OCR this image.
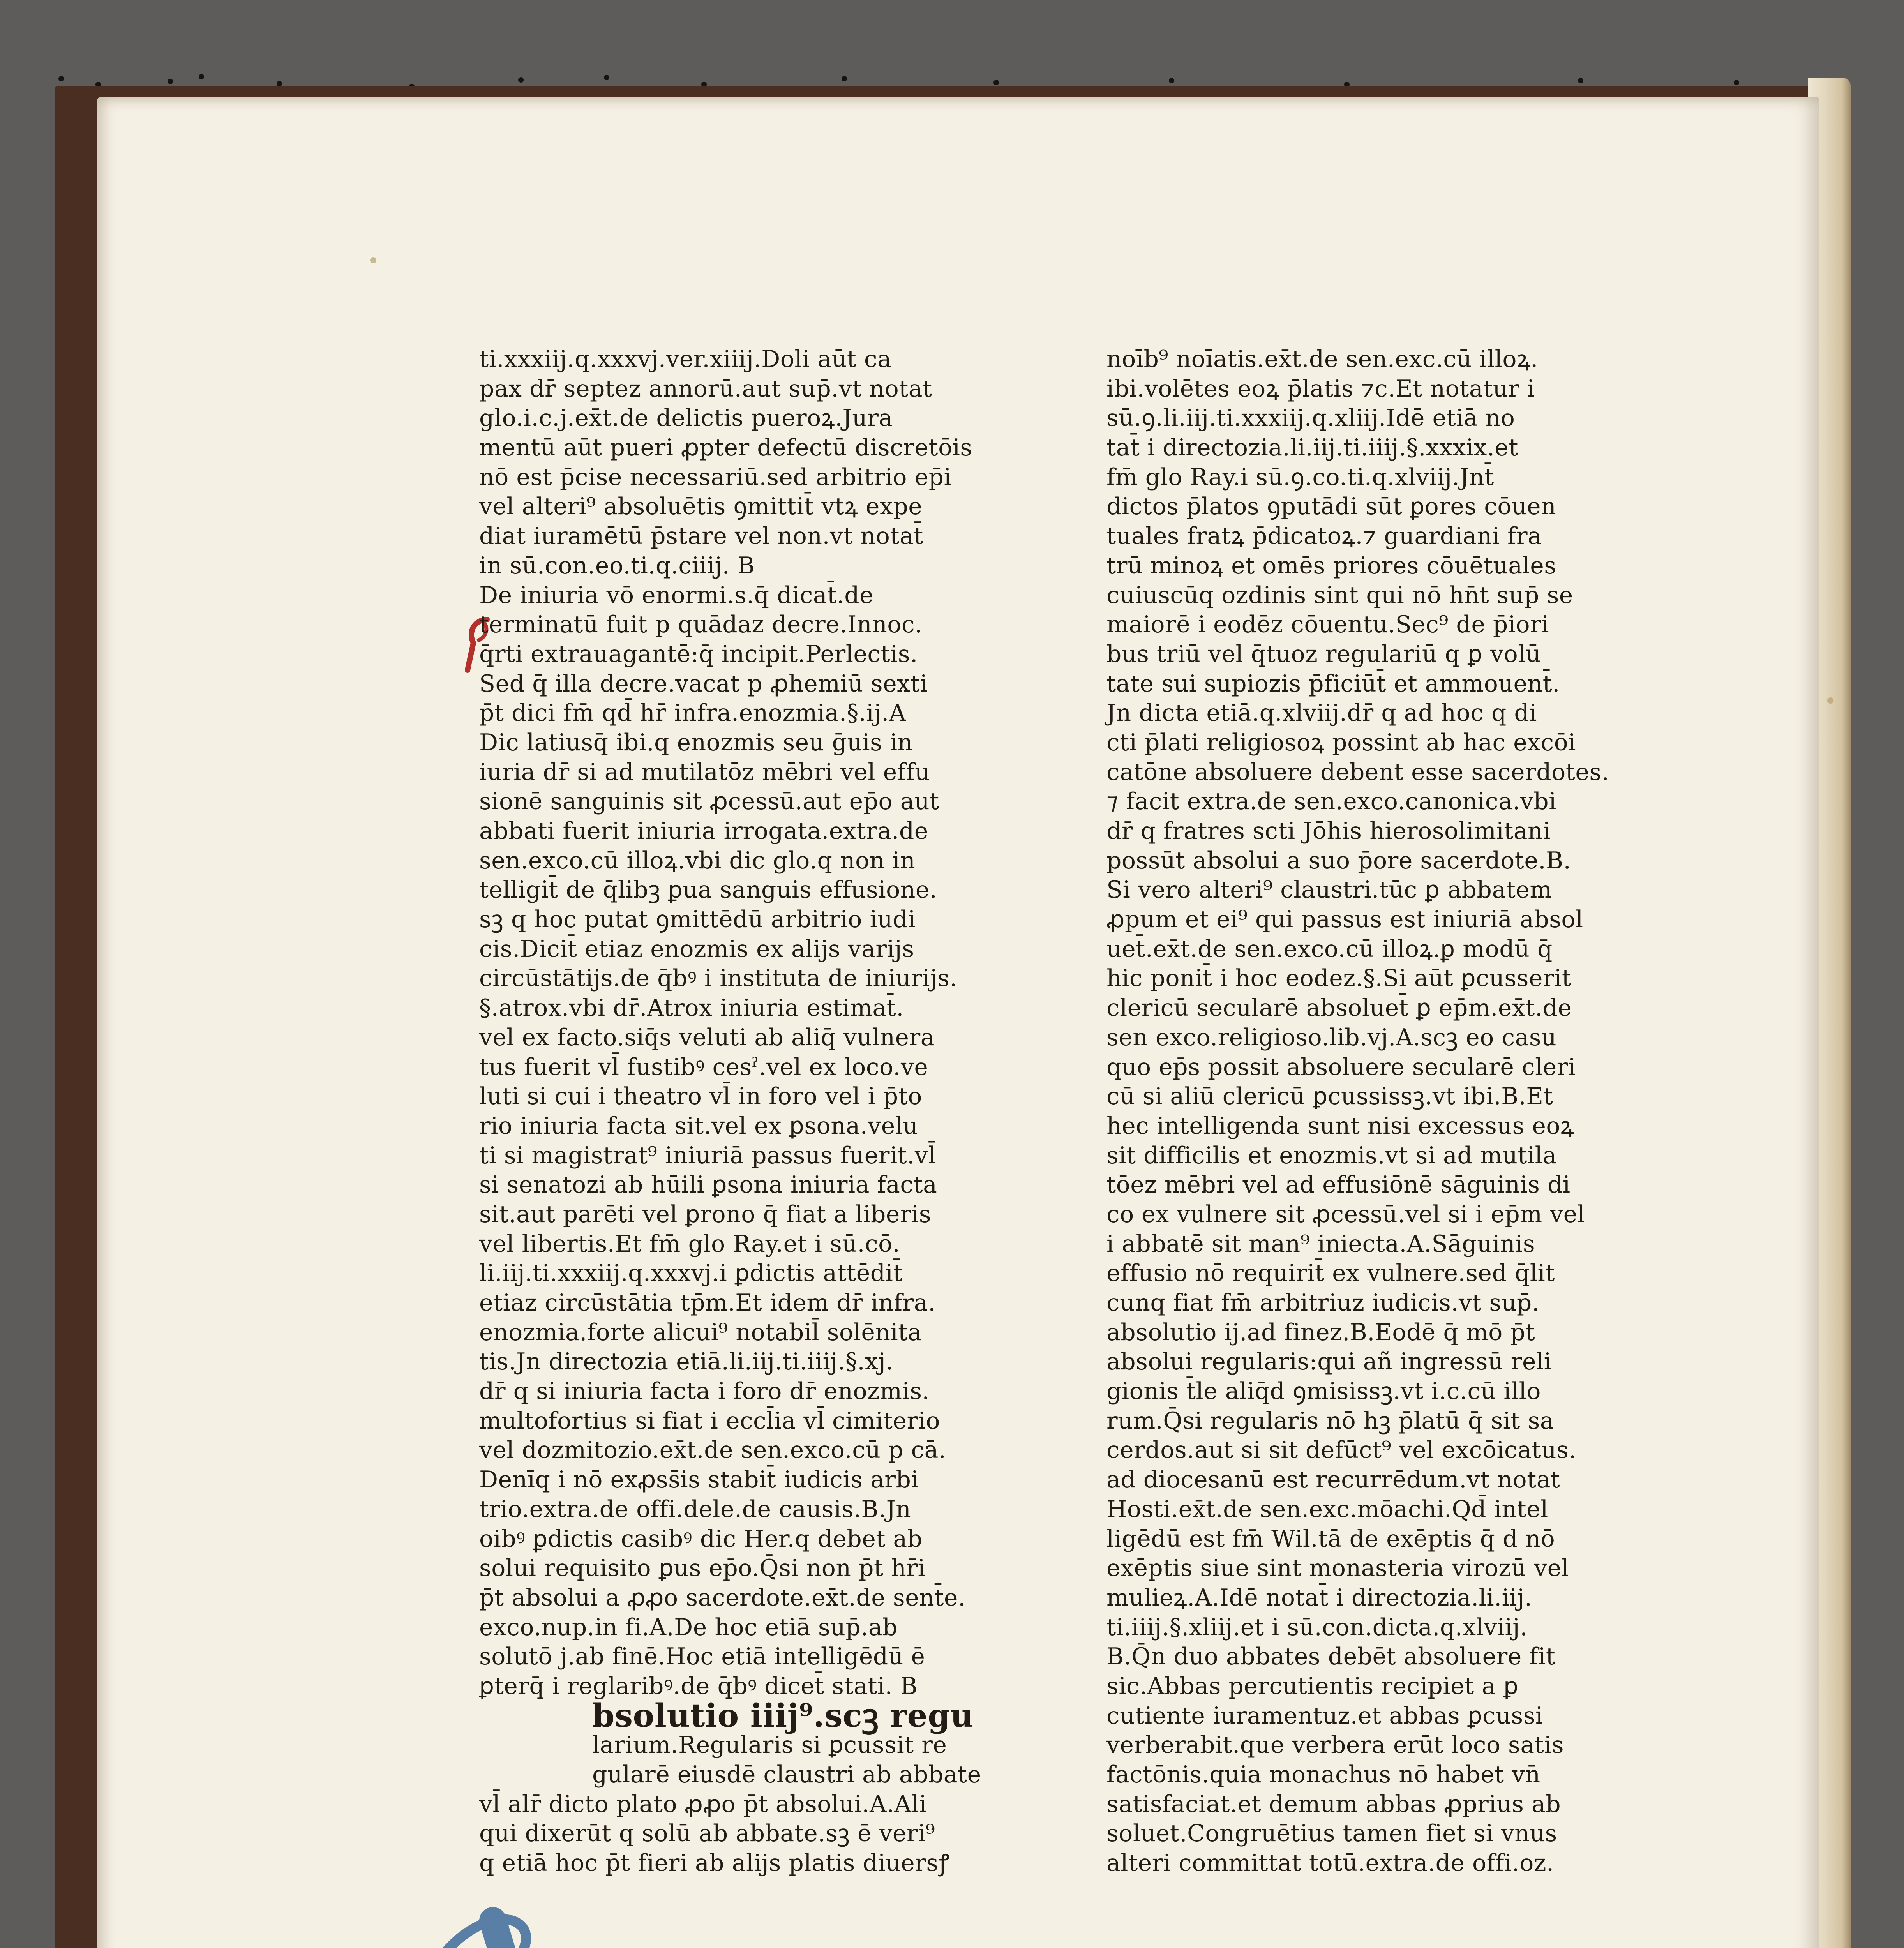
ti.xxxiij.q.xxxvj.ver.xiiij.Doli aūt ca
pax dr̄ septez annorū.aut sup̄.vt notat
glo.i.c.j.ex̄t.de delictis pueroꝝ.Jura
mentū aūt pueri ꝓpter defectū discretōis
nō est p̄cise necessariū.sed arbitrio ep̄i
vel alteri⁹ absoluētis ꝯmittit̄ vtꝝ expe
diat iuramētū p̄stare vel non.vt notat̄
in sū.con.eo.ti.q.ciiij. B
De iniuria vō enormi.s.q̄ dicat̄.de
terminatū fuit p quādaz decre.Innoc.
q̄rti extrauagantē:q̄ incipit.Perlectis.
Sed q̄ illa decre.vacat p ꝓhemiū sexti
p̄t dici fm̄ qd̄ hr̄ infra.enozmia.§.ij.A
Dic latiusq̄ ibi.q enozmis seu ḡuis in
iuria dr̄ si ad mutilatōz mēbri vel effu
sionē sanguinis sit ꝓcessū.aut ep̄o aut
abbati fuerit iniuria irrogata.extra.de
sen.exco.cū illoꝝ.vbi dic glo.q non in
telligit̄ de q̄libꝫ ꝑua sanguis effusione.
sꝫ q hoc putat ꝯmittēdū arbitrio iudi
cis.Dicit̄ etiaz enozmis ex alijs varijs
circūstātijs.de q̄bꝰ i instituta de iniurijs.
§.atrox.vbi dr̄.Atrox iniuria estimat̄.
vel ex facto.siq̄s veluti ab aliq̄ vulnera
tus fuerit vl̄ fustibꝰ cesˀ.vel ex loco.ve
luti si cui i theatro vl̄ in foro vel i p̄to
rio iniuria facta sit.vel ex ꝑsona.velu
ti si magistrat⁹ iniuriā passus fuerit.vl̄
si senatozi ab hūili ꝑsona iniuria facta
sit.aut parēti vel ꝑrono q̄ fiat a liberis
vel libertis.Et fm̄ glo Ray.et i sū.cō.
li.iij.ti.xxxiij.q.xxxvj.i ꝑdictis attēdit̄
etiaz circūstātia tp̄m.Et idem dr̄ infra.
enozmia.forte alicui⁹ notabil̄ solēnita
tis.Jn directozia etiā.li.iij.ti.iiij.§.xj.
dr̄ q si iniuria facta i foro dr̄ enozmis.
multofortius si fiat i eccl̄ia vl̄ cimiterio
vel dozmitozio.ex̄t.de sen.exco.cū p cā.
Denīq i nō exꝓss̄is stabit̄ iudicis arbi
trio.extra.de offi.dele.de causis.B.Jn
oibꝰ ꝑdictis casibꝰ dic Her.q debet ab
solui requisito ꝑus ep̄o.Q̄si non p̄t hr̄i
p̄t absolui a ꝓꝓo sacerdote.ex̄t.de sent̄e.
exco.nup.in fi.A.De hoc etiā sup̄.ab
solutō j.ab finē.Hoc etiā intelligēdū ē
ꝑterq̄ i reglaribꝰ.de q̄bꝰ dicet̄ stati. B
bsolutio iiij⁹.scꝫ regu
larium.Regularis si ꝑcussit re
gularē eiusdē claustri ab abbate
vl̄ alr̄ dicto plato ꝓꝓo p̄t absolui.A.Ali
qui dixerūt q solū ab abbate.sꝫ ē veri⁹
q etiā hoc p̄t fieri ab alijs platis diuersꝭ
noīb⁹ noīatis.ex̄t.de sen.exc.cū illoꝝ.
ibi.volētes eoꝝ p̄latis ⁊c.Et notatur i
sū.ꝯ.li.iij.ti.xxxiij.q.xliij.Idē etiā no
tat̄ i directozia.li.iij.ti.iiij.§.xxxix.et
fm̄ glo Ray.i sū.ꝯ.co.ti.q.xlviij.Jnt̄
dictos p̄latos ꝯputādi sūt ꝑores cōuen
tuales fratꝝ p̄dicatoꝝ.⁊ guardiani fra
trū minoꝝ et omēs priores cōuētuales
cuiuscūq ozdinis sint qui nō hn̄t sup̄ se
maiorē i eodēz cōuentu.Sec⁹ de p̄iori
bus triū vel q̄tuoz regulariū q ꝑ volū
tate sui supiozis p̄ficiūt̄ et ammouent̄.
Jn dicta etiā.q.xlviij.dr̄ q ad hoc q di
cti p̄lati religiosoꝝ possint ab hac excōi
catōne absoluere debent esse sacerdotes.
⁊ facit extra.de sen.exco.canonica.vbi
dr̄ q fratres scti Jōhis hierosolimitani
possūt absolui a suo p̄ore sacerdote.B.
Si vero alteri⁹ claustri.tūc ꝑ abbatem
ꝓpum et ei⁹ qui passus est iniuriā absol
uet̄.ex̄t.de sen.exco.cū illoꝝ.ꝑ modū q̄
hic ponit̄ i hoc eodez.§.Si aūt ꝑcusserit
clericū secularē absoluet̄ ꝑ ep̄m.ex̄t.de
sen exco.religioso.lib.vj.A.scꝫ eo casu
quo ep̄s possit absoluere secularē cleri
cū si aliū clericū ꝑcussissꝫ.vt ibi.B.Et
hec intelligenda sunt nisi excessus eoꝝ
sit difficilis et enozmis.vt si ad mutila
tōez mēbri vel ad effusiōnē sāguinis di
co ex vulnere sit ꝓcessū.vel si i ep̄m vel
i abbatē sit man⁹ iniecta.A.Sāguinis
effusio nō requirit̄ ex vulnere.sed q̄lit
cunq fiat fm̄ arbitriuz iudicis.vt sup̄.
absolutio ij.ad finez.B.Eodē q̄ mō p̄t
absolui regularis:qui añ ingressū reli
gionis t̄le aliq̄d ꝯmisissꝫ.vt i.c.cū illo
rum.Q̄si regularis nō hꝫ p̄latū q̄ sit sa
cerdos.aut si sit defūct⁹ vel excōicatus.
ad diocesanū est recurrēdum.vt notat
Hosti.ex̄t.de sen.exc.mōachi.Qd̄ intel
ligēdū est fm̄ Wil.tā de exēptis q̄ d nō
exēptis siue sint monasteria virozū vel
mulieꝝ.A.Idē notat̄ i directozia.li.iij.
ti.iiij.§.xliij.et i sū.con.dicta.q.xlviij.
B.Q̄n duo abbates debēt absoluere fit
sic.Abbas percutientis recipiet a ꝑ
cutiente iuramentuz.et abbas ꝑcussi
verberabit.que verbera erūt loco satis
factōnis.quia monachus nō habet vn̄
satisfaciat.et demum abbas ꝓprius ab
soluet.Congruētius tamen fiet si vnus
alteri committat totū.extra.de offi.oz.
